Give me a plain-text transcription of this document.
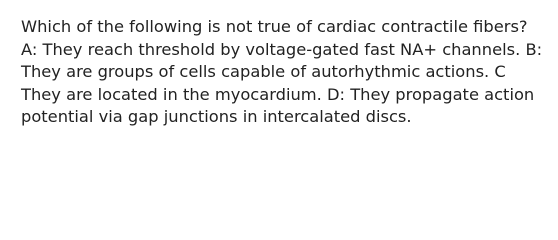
Which of the following is not true of cardiac contractile fibers? A: They reach threshold by voltage-gated fast NA+ channels. B: They are groups of cells capable of autorhythmic actions. C They are located in the myocardium. D: They propagate action potential via gap junctions in intercalated discs.
